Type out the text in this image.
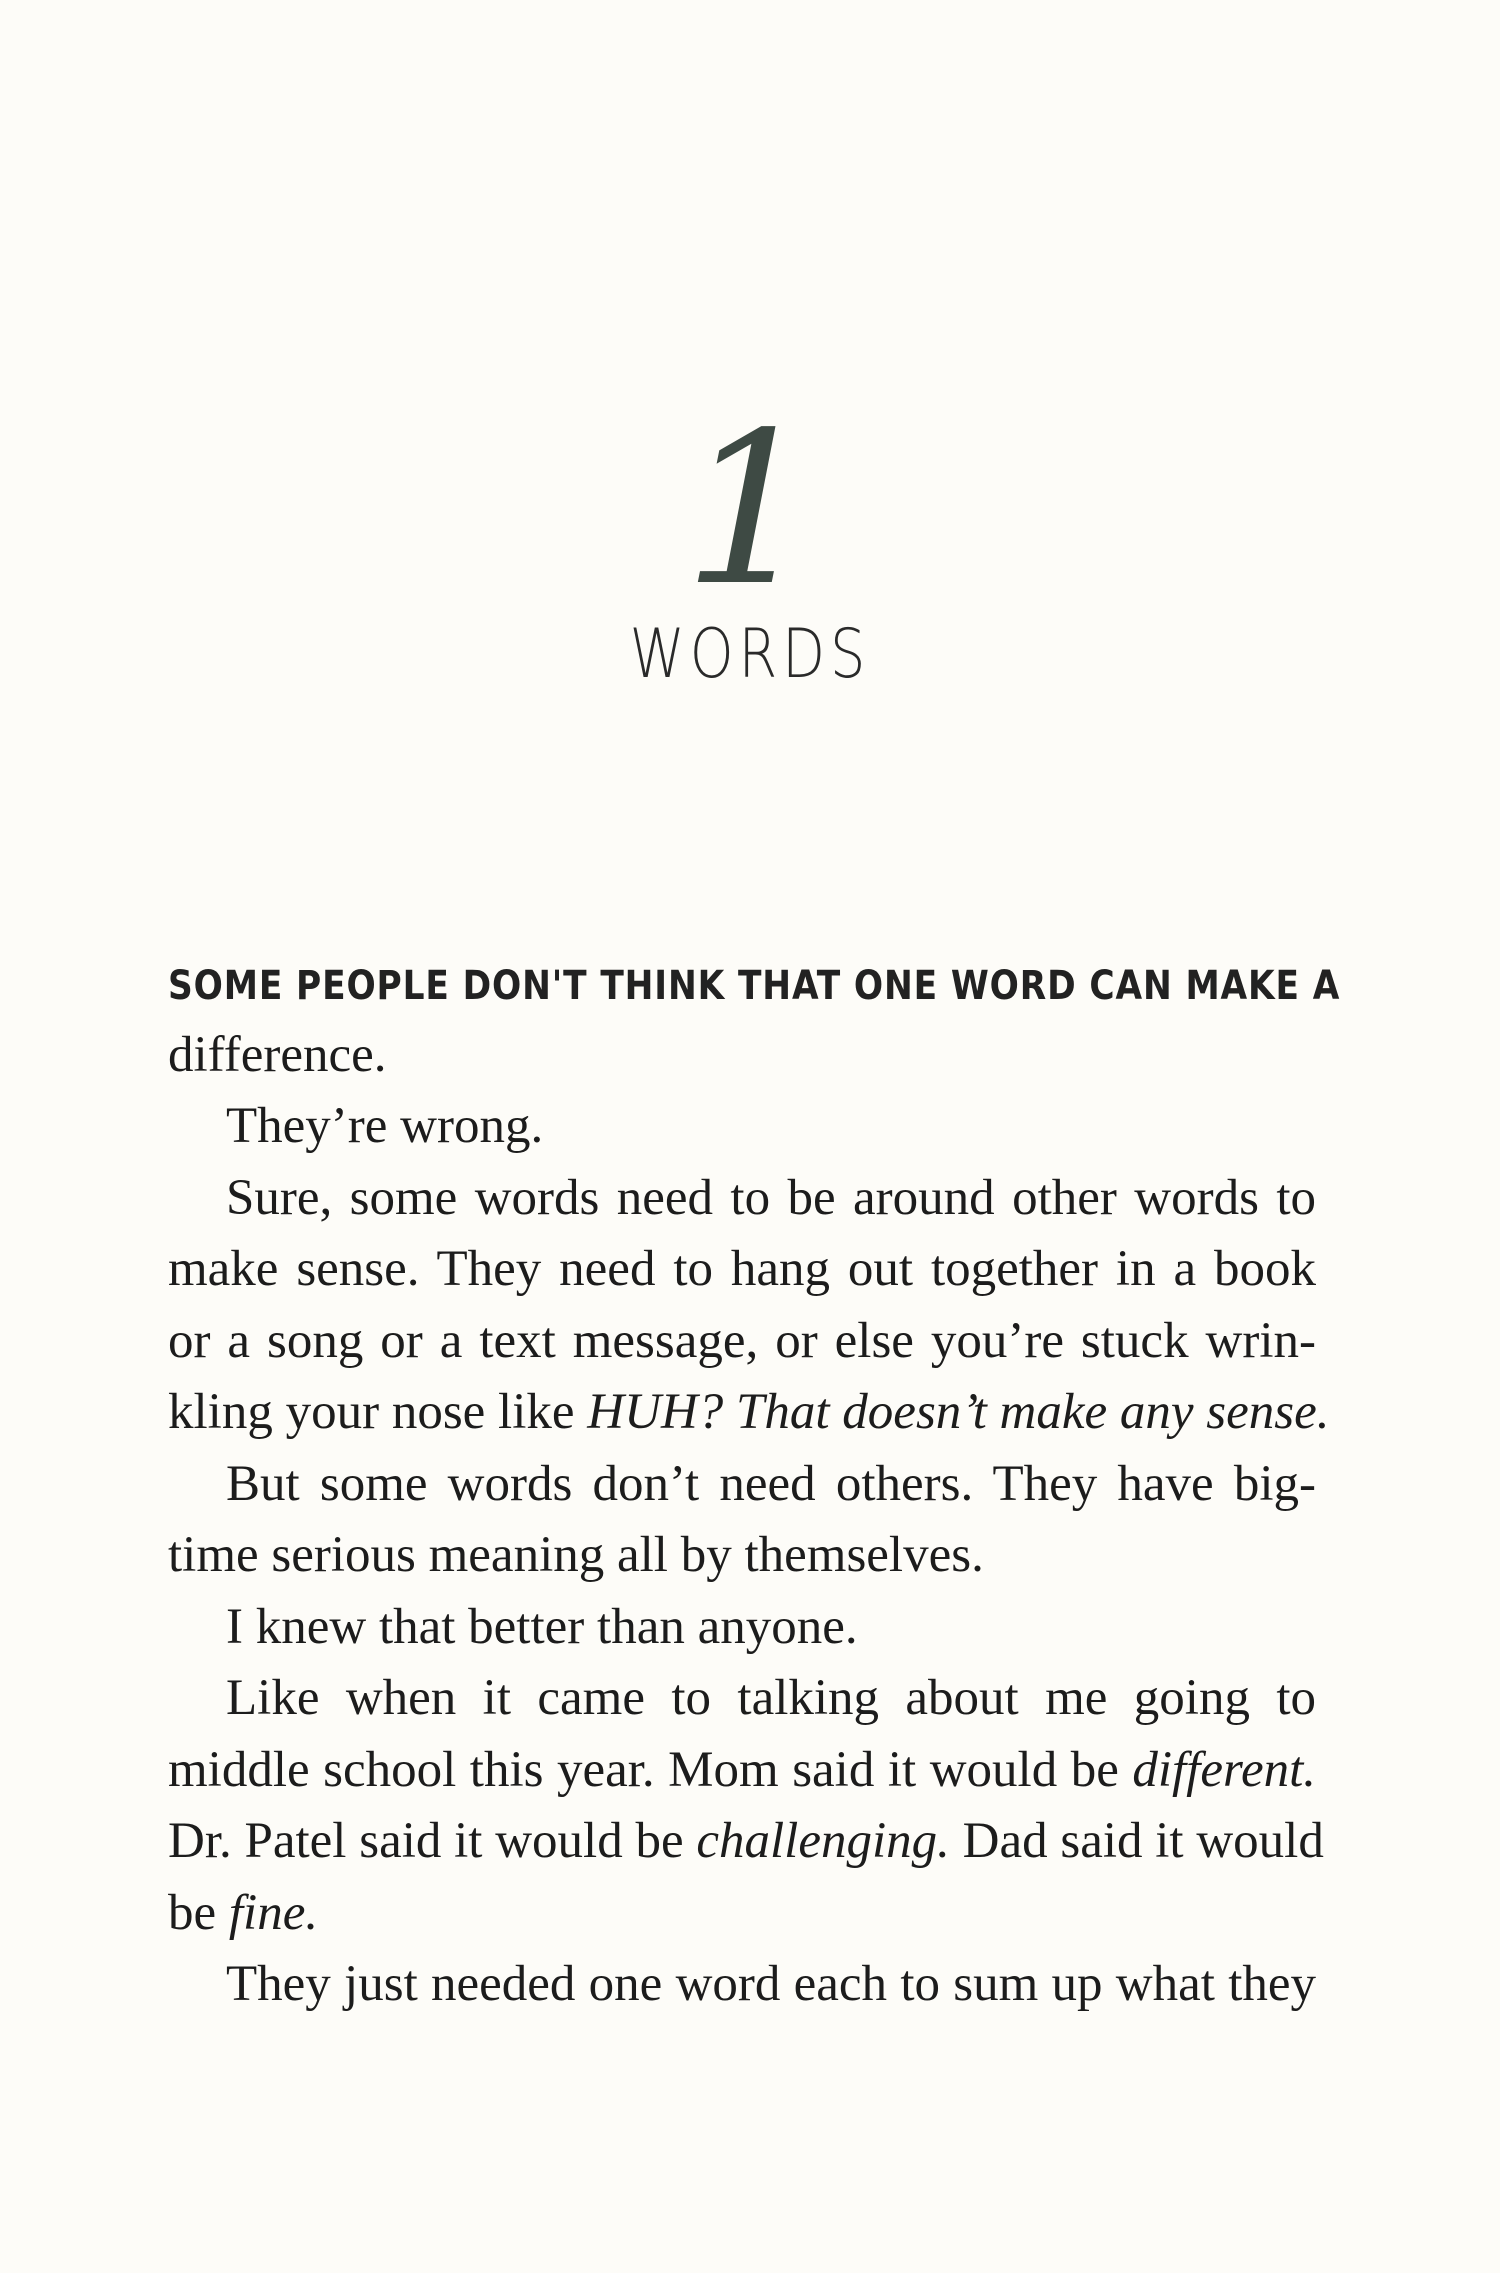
1
WORDS
SOME PEOPLE DON'T THINK THAT ONE WORD CAN MAKE A
difference.
They’re wrong.
Sure, some words need to be around other words to
make sense. They need to hang out together in a book
or a song or a text message, or else you’re stuck wrin-
kling your nose like HUH? That doesn’t make any sense.
But some words don’t need others. They have big-
time serious meaning all by themselves.
I knew that better than anyone.
Like when it came to talking about me going to
middle school this year. Mom said it would be different.
Dr. Patel said it would be challenging. Dad said it would
be fine.
They just needed one word each to sum up what they
